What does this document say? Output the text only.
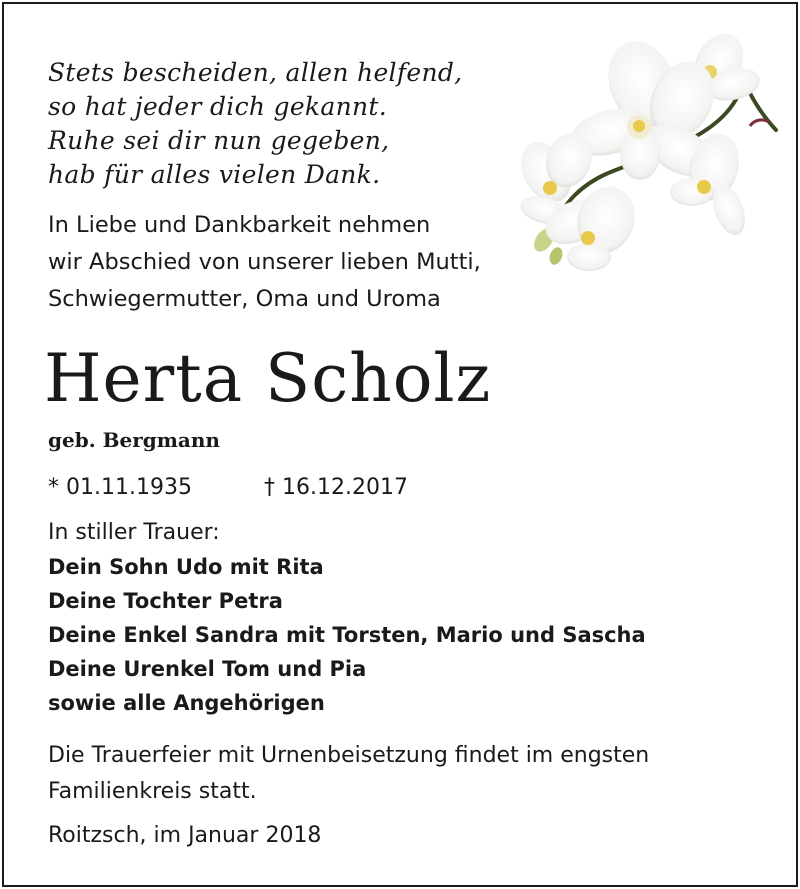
Stets bescheiden, allen helfend,
so hat jeder dich gekannt.
Ruhe sei dir nun gegeben,
hab für alles vielen Dank.
In Liebe und Dankbarkeit nehmen
wir Abschied von unserer lieben Mutti,
Schwiegermutter, Oma und Uroma
Herta Scholz
geb. Bergmann
* 01.11.1935	† 16.12.2017
In stiller Trauer:
Dein Sohn Udo mit Rita
Deine Tochter Petra
Deine Enkel Sandra mit Torsten, Mario und Sascha
Deine Urenkel Tom und Pia
sowie alle Angehörigen
Die Trauerfeier mit Urnenbeisetzung findet im engsten
Familienkreis statt.
Roitzsch, im Januar 2018
